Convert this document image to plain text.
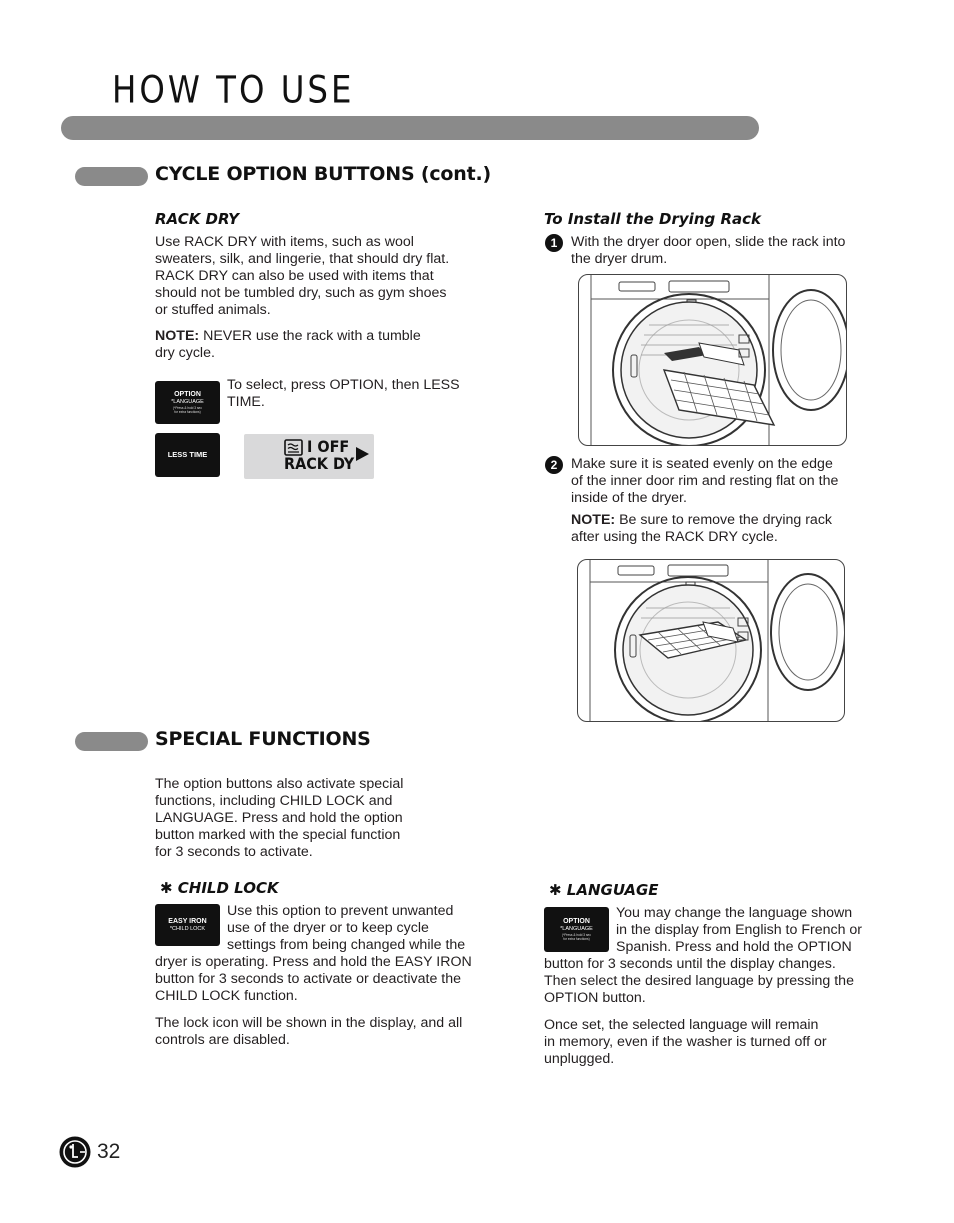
HOW TO USE
CYCLE OPTION BUTTONS (cont.)
RACK DRY
Use RACK DRY with items, such as wool
sweaters, silk, and lingerie, that should dry flat.
RACK DRY can also be used with items that
should not be tumbled dry, such as gym shoes
or stuffed animals.
NOTE: NEVER use the rack with a tumble
dry cycle.
OPTION
*LANGUAGE
(*Press & hold 3 sec
for extra functions)
To select, press OPTION, then LESS
TIME.
LESS TIME	I OFF
RACK DY
To Install the Drying Rack
1 With the dryer door open, slide the rack into
the dryer drum.
2 Make sure it is seated evenly on the edge
of the inner door rim and resting flat on the
inside of the dryer.
NOTE: Be sure to remove the drying rack
after using the RACK DRY cycle.
SPECIAL FUNCTIONS
The option buttons also activate special
functions, including CHILD LOCK and
LANGUAGE. Press and hold the option
button marked with the special function
for 3 seconds to activate.
✱ CHILD LOCK
EASY IRON
*CHILD LOCK
Use this option to prevent unwanted
use of the dryer or to keep cycle
settings from being changed while the
dryer is operating. Press and hold the EASY IRON
button for 3 seconds to activate or deactivate the
CHILD LOCK function.
The lock icon will be shown in the display, and all
controls are disabled.
✱ LANGUAGE
OPTION
*LANGUAGE
(*Press & hold 3 sec
for extra functions)
You may change the language shown
in the display from English to French or
Spanish. Press and hold the OPTION
button for 3 seconds until the display changes.
Then select the desired language by pressing the
OPTION button.
Once set, the selected language will remain
in memory, even if the washer is turned off or
unplugged.
32
